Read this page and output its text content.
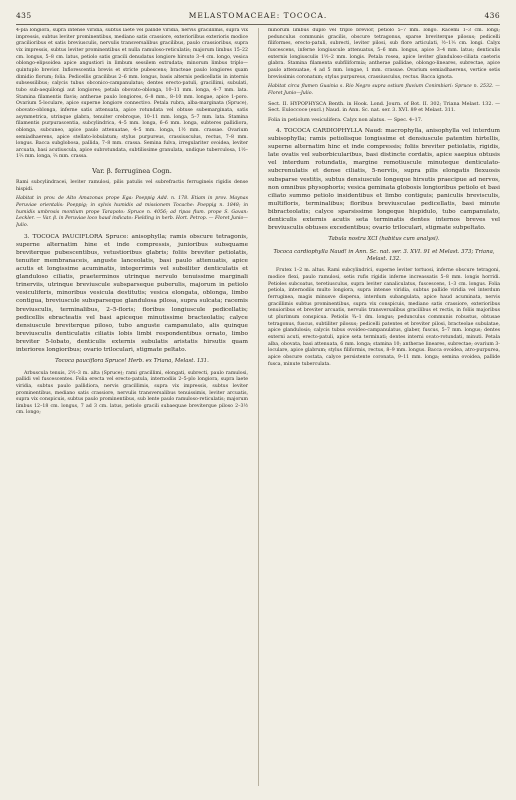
435	MELASTOMACEAE: TOCOCA.	436

4-pla longiora, supra intense viridia, subtus laete vel pallide viridia, nervis gracillimis, supra vix impressis, subtus leviter prominentibus, mediano satis crassiore, exteriorilbus exterioris modice gracilioribus et satis breviusculis, nervulis transversalibus gracilibus, paulo crassioribus, supra vix impressis, subtus leviter prominentibus et nulla ramuloso-reticulatis; majorum limbus 15–22 cm. longus, 5–8 cm. latus, petiolo satis gracili denudatus longiore hirsuto 3–4 cm. longo, vesica oblongo-elipsoidea apice angustiori in limbum sessilem extrudata; minorum limbus triplo—quintuplo brevior. Inflorescentia brevis et stricte pubescens; bracteae paulo longiores quam dimidio florum; folia. Pedicellis gracilibus 2–6 mm. longus, basis alternis pedicellatis in internis subsessilibus; calycis tubus obconico-campanulatus; dentes erecto-patuli, gracillimi, subulati, tubo sub-aequilongi aut longiores; petala obovato-oblonga, 10–11 mm. longa, 4–7 mm. lata. Stamina filamentis flavis; antherae paulo longiores, 6–8 mm., 8–10 mm. longae, apice 1-poro. Ovarium 5-loculare, apice superne longiore connectivo. Petala rubra, alba-marginata (Spruce), obovato-oblonga, inferne satis attenuata, apice rotundata vel obtuse subemarginata, satis asymmetrica, utrinque glabra, tenuiter crebroque, 10–11 mm. longa, 5–7 mm. lata. Stamina filamentis purpurascentia, subcylindrica, 4–5 mm. longa, 6–6 mm. longa, subteres pallidiora, oblonga, subcuneo, apice paulo attenuatae, 4–5 mm. longa, 1½ mm. crassae. Ovarium semiadhaerens, apice stellato-lobulatum; stylus purpureus, crassiusculus, rectus, 7–8 mm. longus. Bacca subglobosa, pallida, 7–8 mm. crassa. Semina fulva, irregulariter ovoidea, leviter arcuata, basi acutiuscula, apice subrotundata, subtilissime granulata, undique tuberculosa, 1½–1⅔ mm. longa, ⅔ mm. crassa.

Var. β. ferruginea Cogn.

Rami subcylindracei, leviter ramulosi, pilis patulis vel subrefractis ferrugineis rigidis dense hispidi.

Habitat in prov. de Alto Amazonas prope Ega: Poeppig Add. n. 178. Etiam in prov. Maynas Peruviae orientalis: Poeppig; in sylvis humidis ad missionem Tocache: Poeppig n. 1848; in humidis umbrosis montium prope Tarapoto: Spruce n. 4056; ad ripas flum. prope S. Gavan: Leckler. — Var. β. in Peruviae loco haud indicato: Fielding in herb. Hort. Petrop. — Floret Junio—Julio.

3. TOCOCA PAUCIFLORA Spruce: anisophylla; ramis obscure tetragonis, superne alternatim hine et inde compressis, junioribus subsquame breviterque pubescentibus, vetustioribus glabris; foliis breviter petiolatis, tenuiter membranaceis, anguste lanceolatis, basi paulo attenuatis, apice acutis et longissime acuminatis, integerrimis vel subsiliter denticulatis et glanduloso ciliatis, praeterminos utrinque nervulo tenuissime marginali trinerviis, utrinque breviuscule subsparseque puberulis, majorum in petiolo vesiculiferis, minoribus vesicula destitutis; vesica elongata, oblonga, limbo contigua, breviuscule subsparseque glandulosa pilosa, supra sulcata; racemis breviusculis, terminalibus, 2–5-floris; floribus longiuscule pedicellatis; pedicellis ebracteatis vel basi apiceque minutissime bracteolatis; calyce densiuscule breviterque piloso, tubo anguste campanulato, alis quinque breviusculis denticulatis ciliatis lobis limbi respondentibus ornato, limbo breviter 5-lobato, denticulis externis subulatis aristatis hirsutis quam interiores longioribus; ovario triloculari, stigmate peltato.

Tococa pauciflora Spruce! Herb. ex Triana, Melast. 131.

Arbuscula tenuis, 2½–3 m. alta (Spruce); rami gracillimi, elongati, subrecti, paulo ramulosi, pallidi vel fuscescentes. Folia erecta vel erecto-patula, internodiis 2–5-plo longiora, supra laete viridia, subtus paulo pallidiora, nervis gracillimis, supra vix impressis, subtus leviter prominentibus, mediano satis crassiore, nervulis transversalibus tenuissimis, leviter arcuatis, supra vix conspicuis, subtus paulo prominentibus, sub lente paulo ramuloso-reticulatis; majorum limbus 12–18 cm. longus, 7 ad 3 cm. latus, petiolo gracili subaequae breviterque piloso 2–3½ cm. longo;

minorum limbus duplo vel triplo brevior, petiolo 5–7 mm. longo. Racemi 1–3 cm. longi; pedunculus communis gracilis, obscure tetragonus, sparse breviterque pilosus; pedicelli filiformes, erecto-patuli, subrecti, leviter pilosi, sub flore articulati, ½–1⅓ cm. longi. Calyx fuscescens, inferne longiuscule attenuatus, 5–6 mm. longus, apice 3–4 mm. latus; denticulis externis longiusculis 1½–2 mm. longis. Petala rosea, apice leviter glanduloso-ciliata caeteris glabra. Stamina filamenta subfiliformia; antherae pallidae, oblongo-lineares, subrectae, apice paulo attenuatae, 4 ad 5 mm. longae, 1 mm. crassae. Ovarium semiadhaerens, vertice setis brevissimis coronatum; stylus purpureus, crassiusculus, rectus. Bacca ignota.

Habitat circa flumen Guainia s. Rio Negro supra ostium fluvium Conimbiari: Spruce n. 2532. — Floret Junio—Julio.

Sect. II. HYPOPHYSCA Benth. in Hook. Lond. Journ. of Bot. II. 302; Triana Melast. 132. — Sect. Euloccoce (excl.) Naud. in Ann. Sc. nat. ser. 3. XVI. 89 et Melast. 311.

Folia in petiolum vesiculifera. Calyx non alatus. — Spec. 4–17.

4. TOCOCA CARDIOPHYLLA Naud: macrophylla, anisophylla vel interdum subisophylla; ramis petiolisque longissime et densiuscule patentim hirtellis, superne alternatim hinc et inde compressis; foliis breviter petiolatis, rigidis, late ovatis vel suborbicularibus, basi distincte cordatis, apice saepius obtusis vel interdum rotundatis, margine remotiuscule minuteque denticulato-subcrenulatis et dense ciliatis, 5-nerviis, supra pilis elongatis flexuosis subsparse vestitis, subtus densiuscule longeque hirsutis praecipue ad nervos, non omnibus physophoris; vesica geminata globosis longioribus petiolo et basi ciliato summo petiolo insidentibus et limbo contiguis; paniculis brevisculis, multifloris, terminalibus; floribus breviusculae pedicellatis, basi minute bibracteolatis; calyce sparsissime longeque hispidulo, tubo campanulato, denticulis externis acutis seta terminatis dentes internos breves vel breviusculis obtuses excedentibus; ovario triloculari, stigmate subpeltato.

Tabula nostra XCI (habitus cum analysi).

Tococa cardiophylla Naud! in Ann. Sc. nat. ser. 3. XVI. 91 et Melast. 373; Triana, Melast. 132.

Frutex 1–2 m. altus. Rami subcylindrici, superne leviter tortuosi, inferne obscure tetragoni, modice flexi, paulo ramulosi, setis rufis rigidis inferne increassatis 5–8 mm. longis horridi. Petioles subcoatus, teretiusculus, supra leviter canaliculatus, fuscescens, 1–3 cm. longus. Folia petiola, internodiis multo longiora, supra intense viridia, subtus pallide viridia vel interdum ferruginea, magis minusve dispersa, interdum subangulata, apice haud acuminata, nervis gracillimis subtus prominentibus, supra vix conspicuis, mediano satis crassiore, exterioribus tenuioribus et breviter arcuatis, nervulis transversalibus gracilibus et rectis, in foliis majoribus ut plurimum conspicua. Petiolis ¾–1 dm. longus; pedunculus communis robustus, obtusae tetragonus, fuscus, subtiliter pilosus; pedicelli patentes et breviter pilosi, bracteolae subulatae, apice glandulosis; calycis tubus ovoideo-campanulatus, glaber, fuscus, 5–7 mm. longus; dentes externi acuti, erecto-patuli, apice seta terminati; dentes interni ovato-rotundati, minuti. Petala alba, obovata, basi attenuata, 6 mm. longa; stamina 10; antherae lineares, subrectae; ovarium 3-loculare, apice glabrum; stylus filiformis, rectus, 8–9 mm. longus. Bacca ovoidea, atro-purpurea, apice obscure costata, calyce persistente coronata, 9–11 mm. longa; semina ovoidea, pallide fusca, minute tuberculata.
